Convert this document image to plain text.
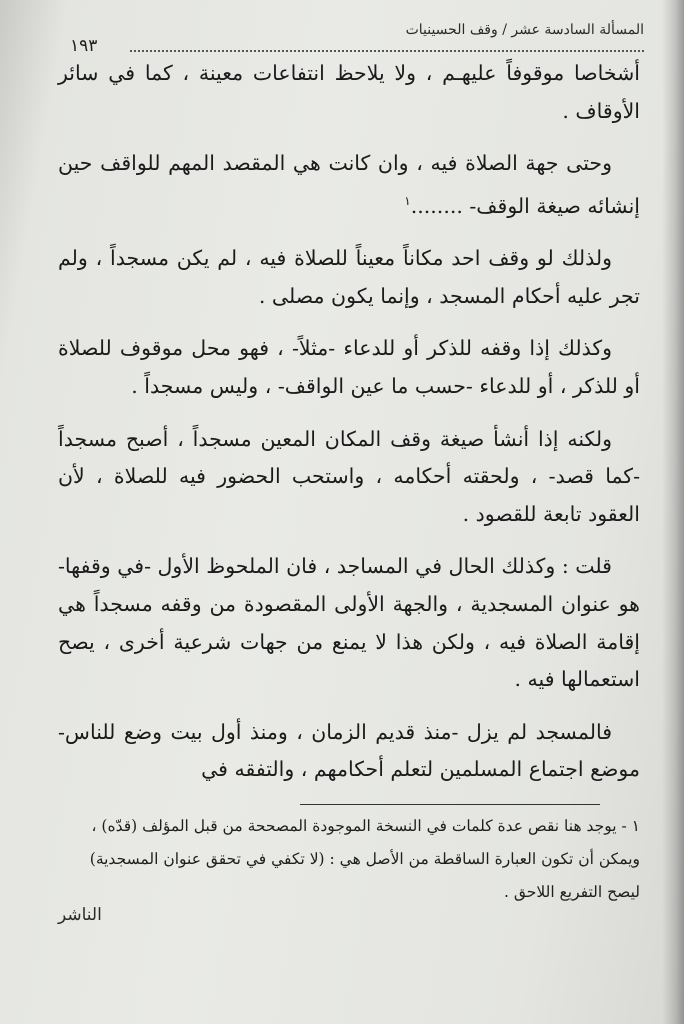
المسألة السادسة عشر / وقف الحسينيات
١٩٣

أشخاصا موقوفاً عليهـم ، ولا يلاحظ انتفاعات معينة ، كما في سائر الأوقاف .

وحتى جهة الصلاة فيه ، وان كانت هي المقصد المهم للواقف حين إنشائه صيغة الوقف- ........$^١$

ولذلك لو وقف احد مكاناً معيناً للصلاة فيه ، لم يكن مسجداً ، ولم تجر عليه أحكام المسجد ، وإنما يكون مصلى .

وكذلك إذا وقفه للذكر أو للدعاء -مثلاً- ، فهو محل موقوف للصلاة أو للذكر ، أو للدعاء -حسب ما عين الواقف- ، وليس مسجداً .

ولكنه إذا أنشأ صيغة وقف المكان المعين مسجداً ، أصبح مسجداً -كما قصد- ، ولحقته أحكامه ، واستحب الحضور فيه للصلاة ، لأن العقود تابعة للقصود .

قلت : وكذلك الحال في المساجد ، فان الملحوظ الأول -في وقفها- هو عنوان المسجدية ، والجهة الأولى المقصودة من وقفه مسجداً هي إقامة الصلاة فيه ، ولكن هذا لا يمنع من جهات شرعية أخرى ، يصح استعمالها فيه .

فالمسجد لم يزل -منذ قديم الزمان ، ومنذ أول بيت وضع للناس- موضع اجتماع المسلمين لتعلم أحكامهم ، والتفقه في

١ - يوجد هنا نقص عدة كلمات في النسخة الموجودة المصححة من قبل المؤلف (قدّه) ،

ويمكن أن تكون العبارة الساقطة من الأصل هي : (لا تكفي في تحقق عنوان المسجدية)

ليصح التفريع اللاحق .

الناشر
